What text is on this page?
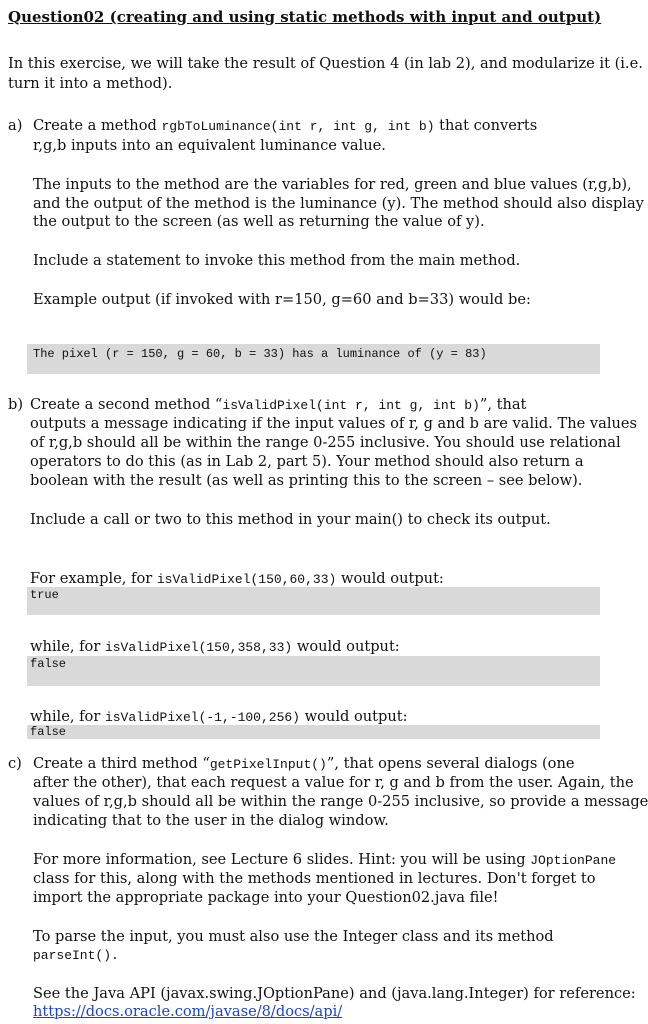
Question02 (creating and using static methods with input and output)
In this exercise, we will take the result of Question 4 (in lab 2), and modularize it (i.e.
turn it into a method).
a) Create a method rgbToLuminance(int r, int g, int b) that converts
r,g,b inputs into an equivalent luminance value.
The inputs to the method are the variables for red, green and blue values (r,g,b),
and the output of the method is the luminance (y). The method should also display
the output to the screen (as well as returning the value of y).
Include a statement to invoke this method from the main method.
Example output (if invoked with r=150, g=60 and b=33) would be:
The pixel (r = 150, g = 60, b = 33) has a luminance of (y = 83)
b) Create a second method “isValidPixel(int r, int g, int b)”, that
outputs a message indicating if the input values of r, g and b are valid. The values
of r,g,b should all be within the range 0-255 inclusive. You should use relational
operators to do this (as in Lab 2, part 5). Your method should also return a
boolean with the result (as well as printing this to the screen – see below).
Include a call or two to this method in your main() to check its output.
For example, for isValidPixel(150,60,33) would output:
true
while, for isValidPixel(150,358,33) would output:
false
while, for isValidPixel(-1,-100,256) would output:
false
c) Create a third method “getPixelInput()”, that opens several dialogs (one
after the other), that each request a value for r, g and b from the user. Again, the
values of r,g,b should all be within the range 0-255 inclusive, so provide a message
indicating that to the user in the dialog window.
For more information, see Lecture 6 slides. Hint: you will be using JOptionPane
class for this, along with the methods mentioned in lectures. Don't forget to
import the appropriate package into your Question02.java file!
To parse the input, you must also use the Integer class and its method
parseInt().
See the Java API (javax.swing.JOptionPane) and (java.lang.Integer) for reference:
https://docs.oracle.com/javase/8/docs/api/
